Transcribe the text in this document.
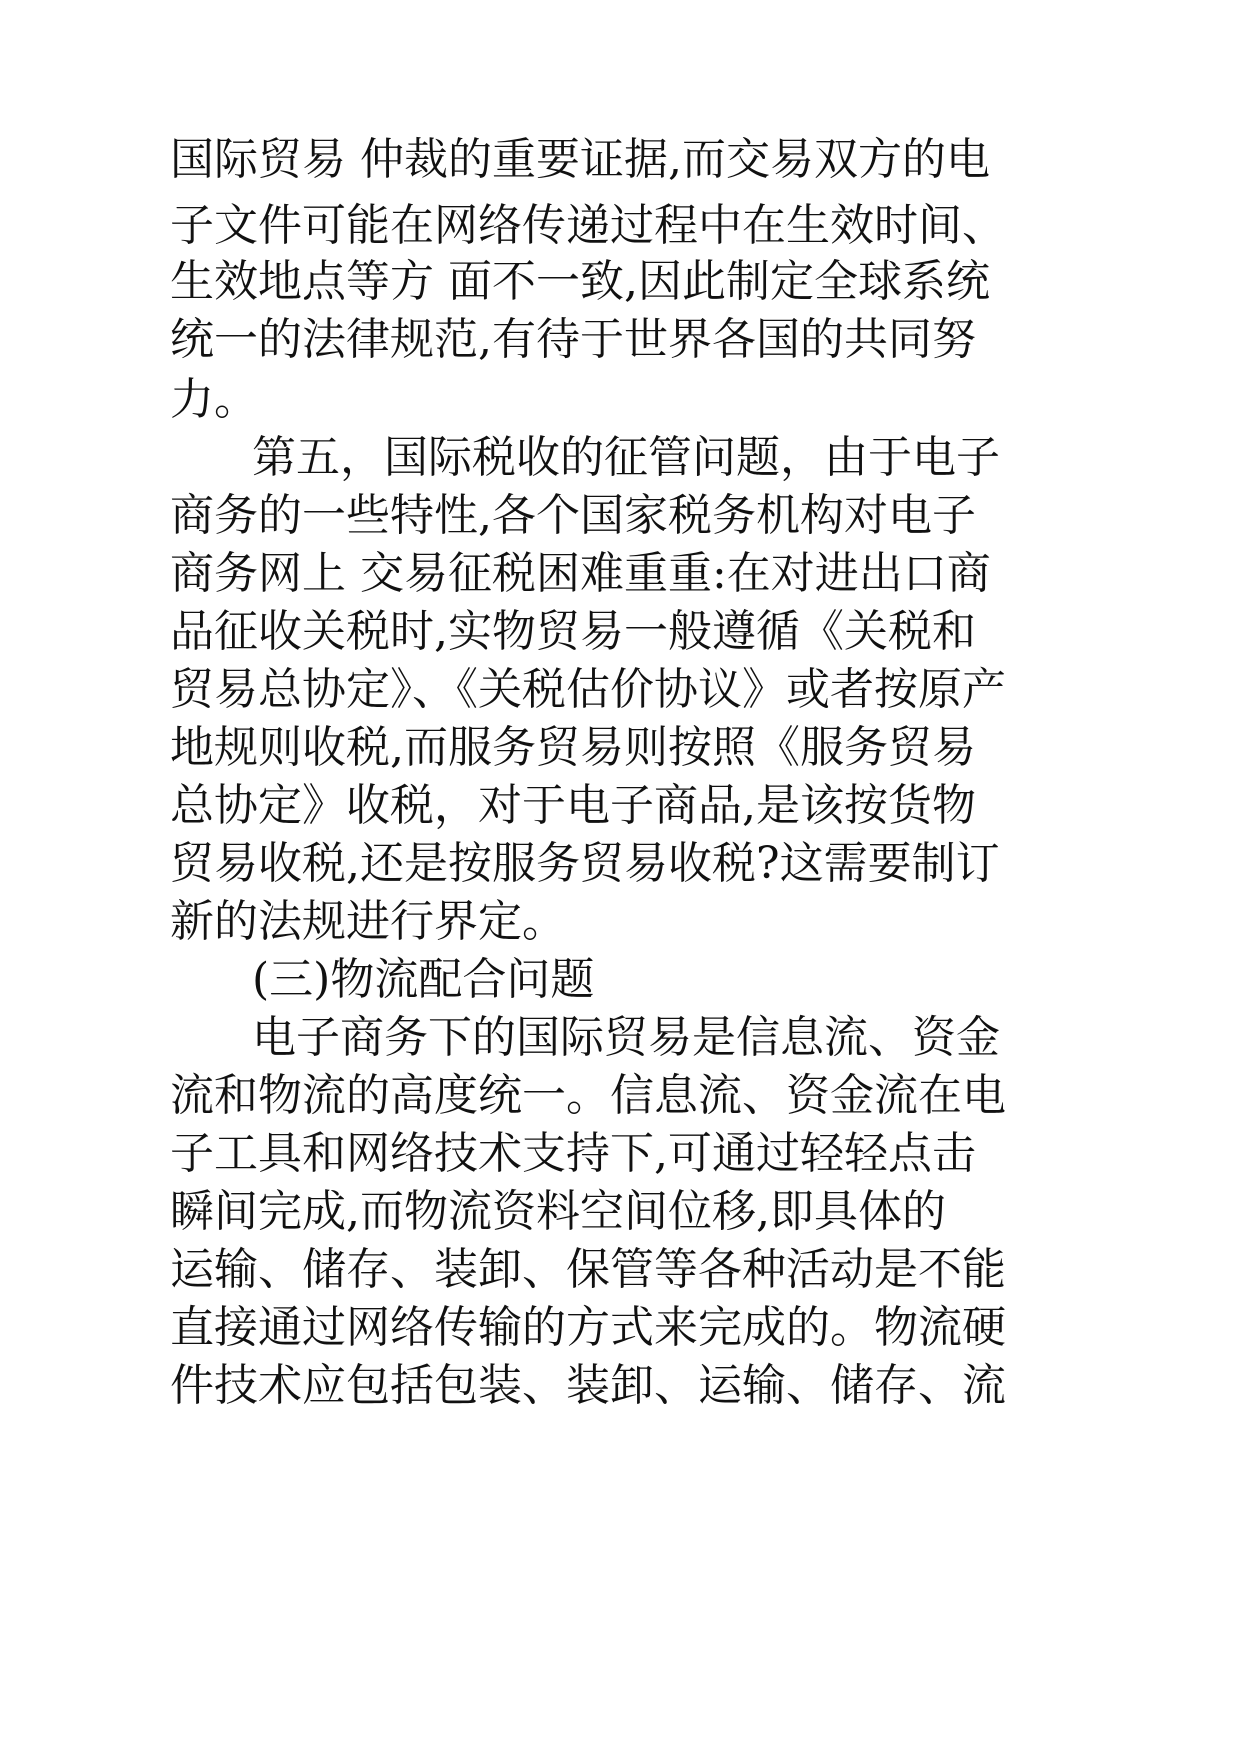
国际贸易 仲裁的重要证据,而交易双方的电
子文件可能在网络传递过程中在生效时间、
生效地点等方 面不一致,因此制定全球系统
统一的法律规范,有待于世界各国的共同努
力。
第五，国际税收的征管问题，由于电子
商务的一些特性,各个国家税务机构对电子
商务网上 交易征税困难重重:在对进出口商
品征收关税时,实物贸易一般遵循《关税和
贸易总协定》、《关税估价协议》或者按原产
地规则收税,而服务贸易则按照《服务贸易
总协定》收税，对于电子商品,是该按货物
贸易收税,还是按服务贸易收税?这需要制订
新的法规进行界定。
(三)物流配合问题
电子商务下的国际贸易是信息流、资金
流和物流的高度统一。信息流、资金流在电
子工具和网络技术支持下,可通过轻轻点击
瞬间完成,而物流资料空间位移,即具体的
运输、储存、装卸、保管等各种活动是不能
直接通过网络传输的方式来完成的。物流硬
件技术应包括包装、装卸、运输、储存、流
